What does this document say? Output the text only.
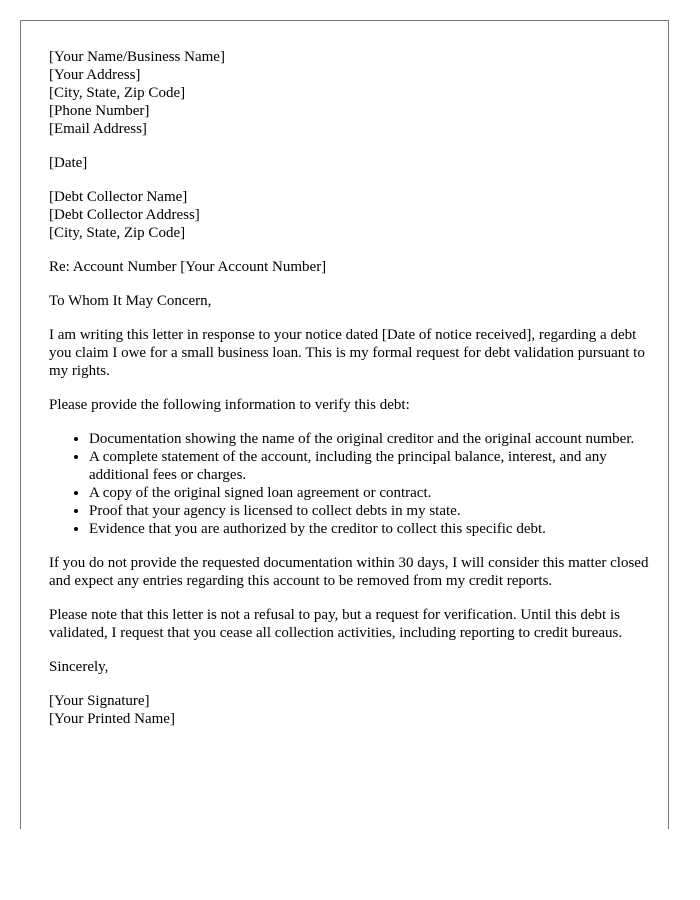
[Your Name/Business Name]
[Your Address]
[City, State, Zip Code]
[Phone Number]
[Email Address]
[Date]
[Debt Collector Name]
[Debt Collector Address]
[City, State, Zip Code]

Re: Account Number [Your Account Number]

To Whom It May Concern,

I am writing this letter in response to your notice dated [Date of notice received], regarding a debt you claim I owe for a small business loan. This is my formal request for debt validation pursuant to my rights.

Please provide the following information to verify this debt:

• Documentation showing the name of the original creditor and the original account number.
• A complete statement of the account, including the principal balance, interest, and any additional fees or charges.
• A copy of the original signed loan agreement or contract.
• Proof that your agency is licensed to collect debts in my state.
• Evidence that you are authorized by the creditor to collect this specific debt.

If you do not provide the requested documentation within 30 days, I will consider this matter closed and expect any entries regarding this account to be removed from my credit reports.

Please note that this letter is not a refusal to pay, but a request for verification. Until this debt is validated, I request that you cease all collection activities, including reporting to credit bureaus.

Sincerely,

[Your Signature]
[Your Printed Name]
